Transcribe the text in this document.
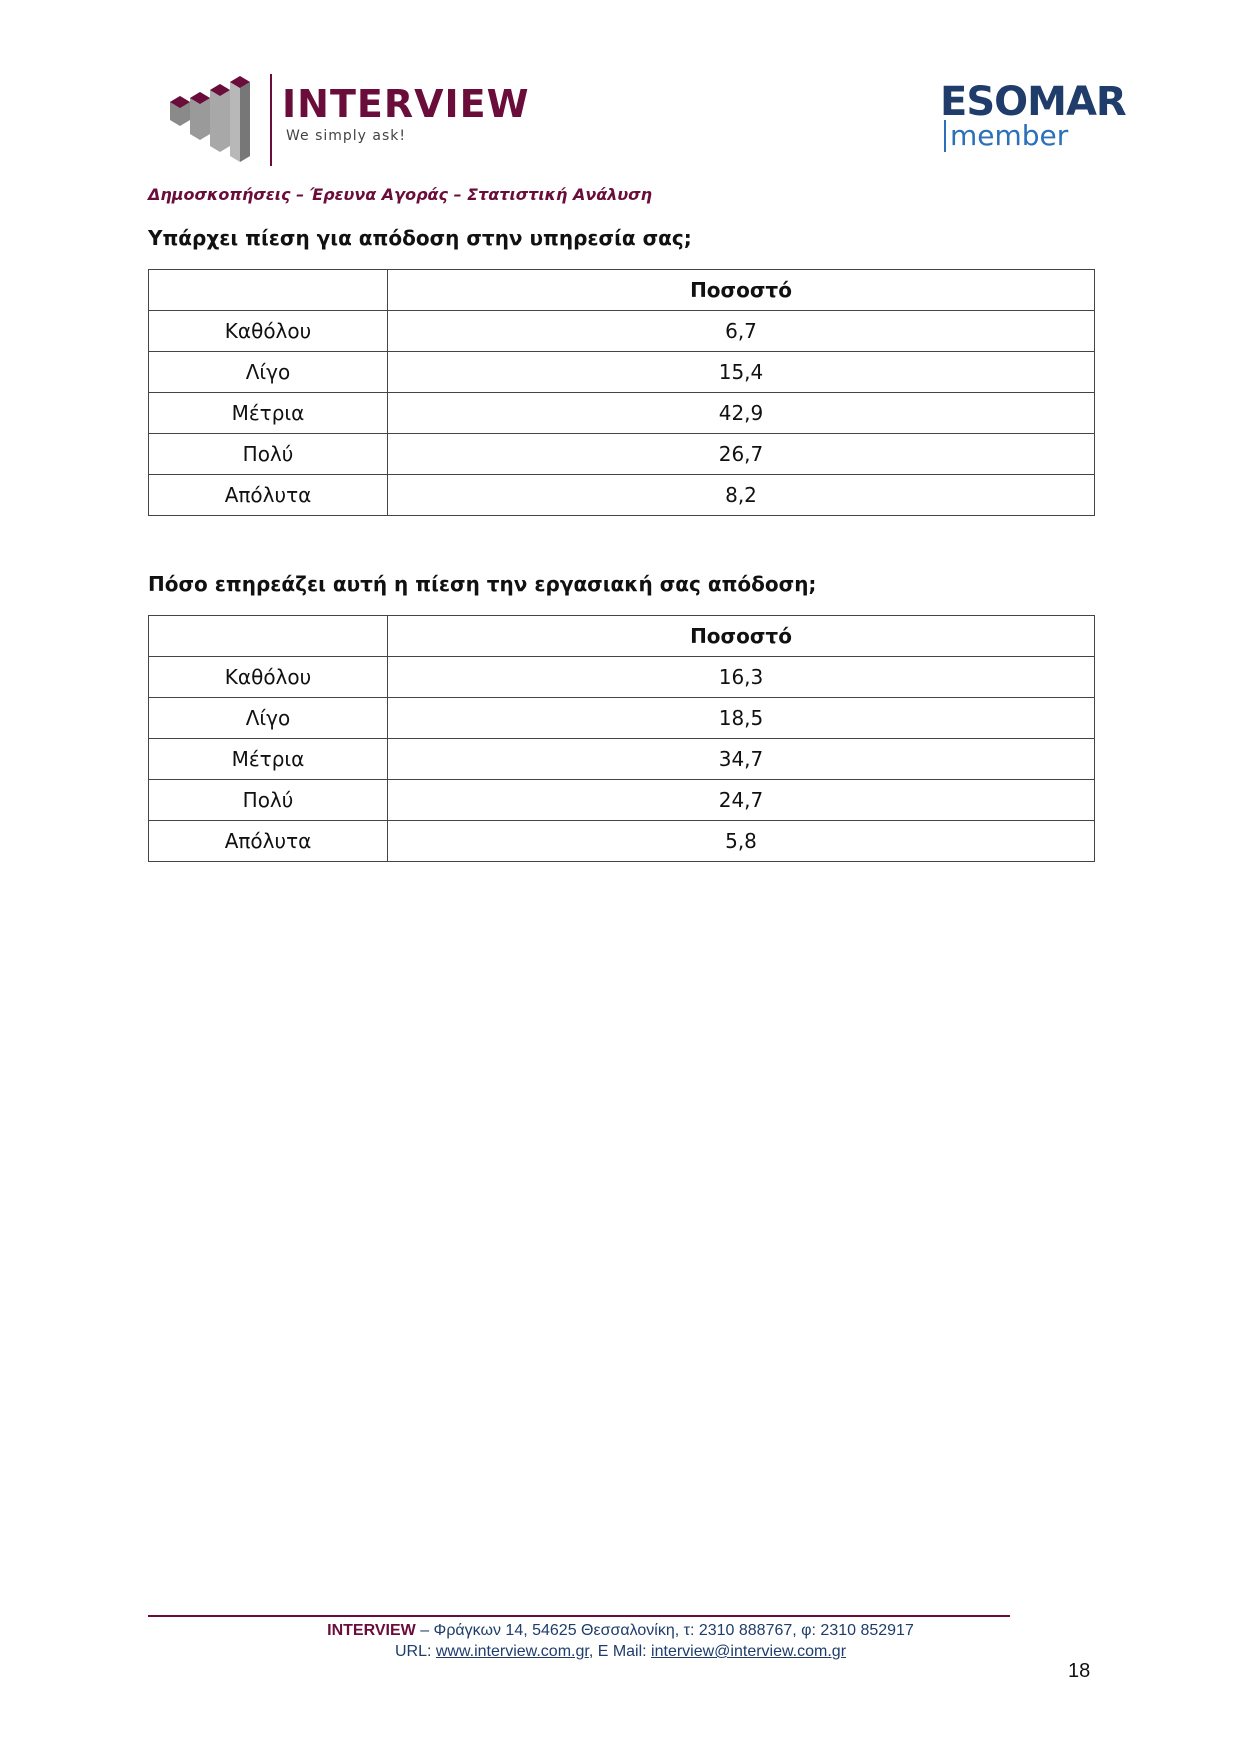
INTERVIEW
We simply ask!
ESOMAR
member
Δημοσκοπήσεις – Έρευνα Αγοράς – Στατιστική Ανάλυση
Υπάρχει πίεση για απόδοση στην υπηρεσία σας;
	Ποσοστό
Καθόλου	6,7
Λίγο	15,4
Μέτρια	42,9
Πολύ	26,7
Απόλυτα	8,2
Πόσο επηρεάζει αυτή η πίεση την εργασιακή σας απόδοση;
	Ποσοστό
Καθόλου	16,3
Λίγο	18,5
Μέτρια	34,7
Πολύ	24,7
Απόλυτα	5,8
INTERVIEW – Φράγκων 14, 54625 Θεσσαλονίκη, τ: 2310 888767, φ: 2310 852917
URL: www.interview.com.gr, E Mail: interview@interview.com.gr
18
